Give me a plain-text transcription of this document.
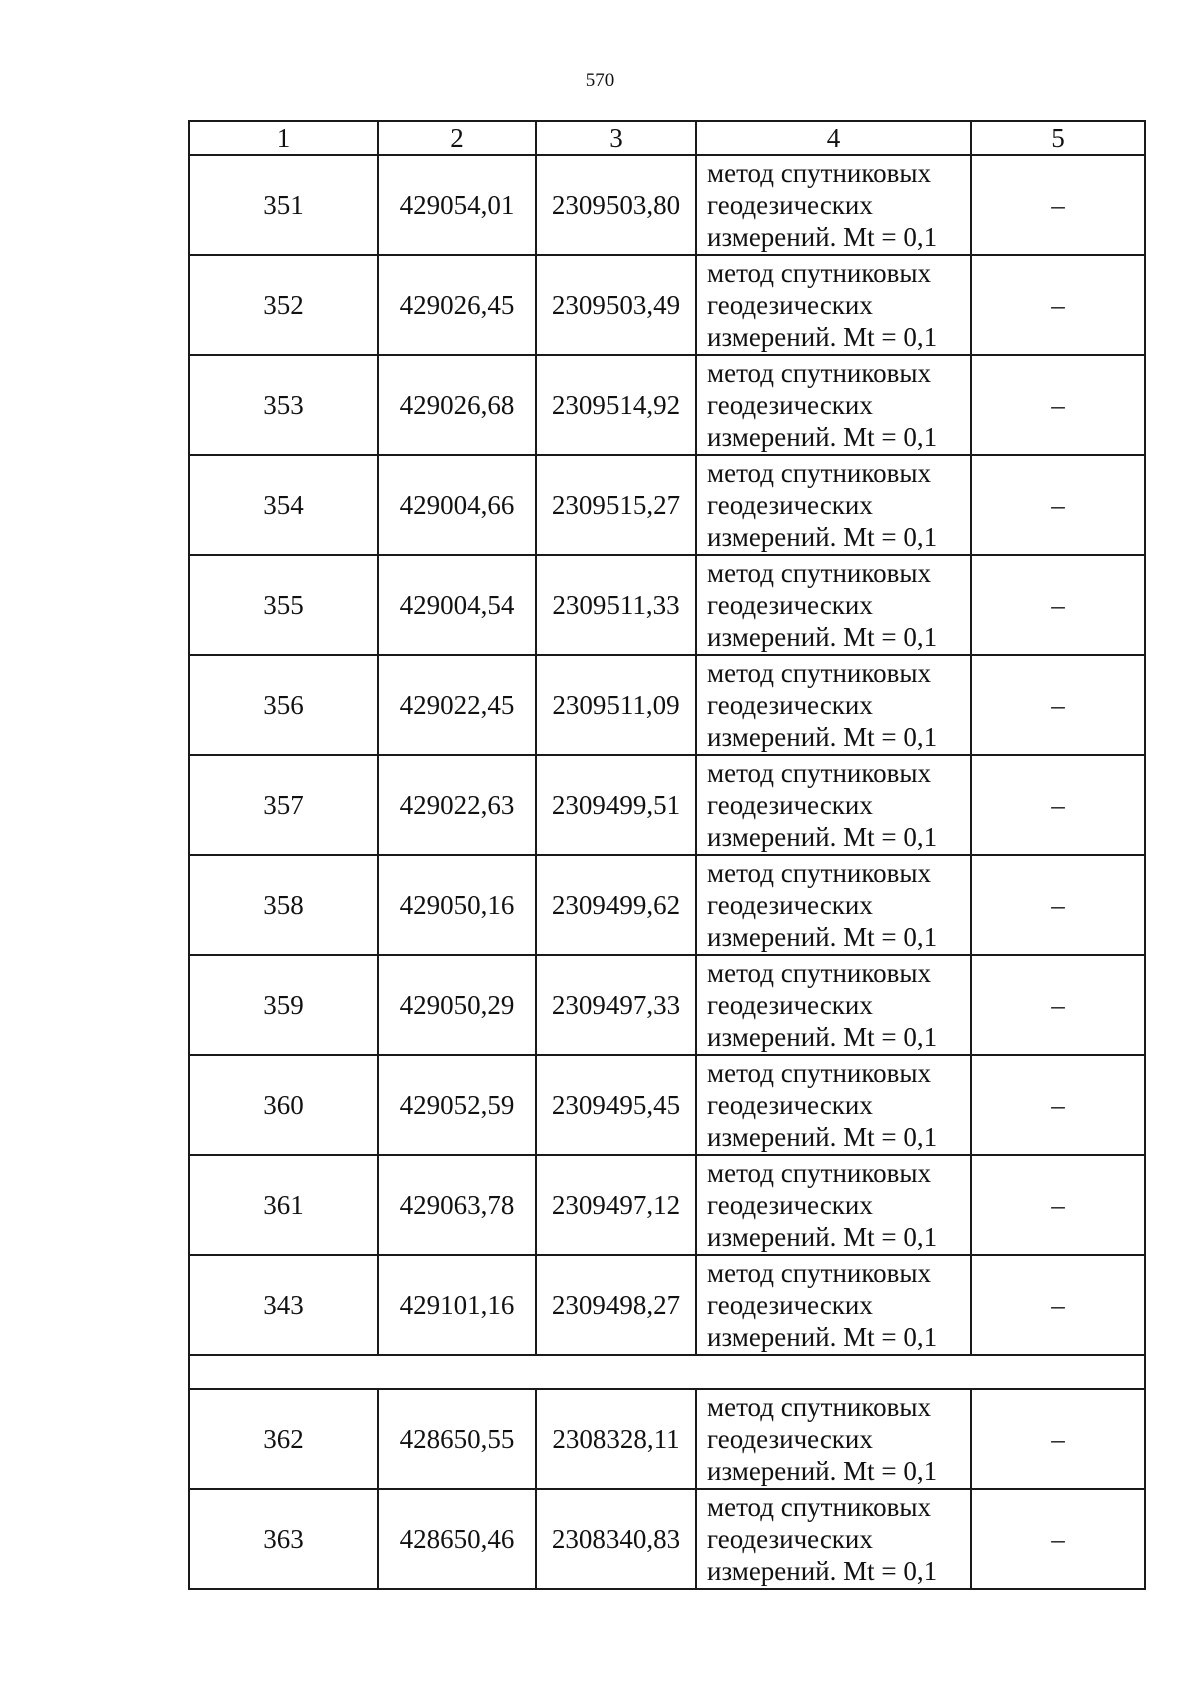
570
1	2	3	4	5
351	429054,01	2309503,80	метод спутниковых
геодезических
измерений. Mt = 0,1	–
352	429026,45	2309503,49	метод спутниковых
геодезических
измерений. Mt = 0,1	–
353	429026,68	2309514,92	метод спутниковых
геодезических
измерений. Mt = 0,1	–
354	429004,66	2309515,27	метод спутниковых
геодезических
измерений. Mt = 0,1	–
355	429004,54	2309511,33	метод спутниковых
геодезических
измерений. Mt = 0,1	–
356	429022,45	2309511,09	метод спутниковых
геодезических
измерений. Mt = 0,1	–
357	429022,63	2309499,51	метод спутниковых
геодезических
измерений. Mt = 0,1	–
358	429050,16	2309499,62	метод спутниковых
геодезических
измерений. Mt = 0,1	–
359	429050,29	2309497,33	метод спутниковых
геодезических
измерений. Mt = 0,1	–
360	429052,59	2309495,45	метод спутниковых
геодезических
измерений. Mt = 0,1	–
361	429063,78	2309497,12	метод спутниковых
геодезических
измерений. Mt = 0,1	–
343	429101,16	2309498,27	метод спутниковых
геодезических
измерений. Mt = 0,1	–

362	428650,55	2308328,11	метод спутниковых
геодезических
измерений. Mt = 0,1	–
363	428650,46	2308340,83	метод спутниковых
геодезических
измерений. Mt = 0,1	–
